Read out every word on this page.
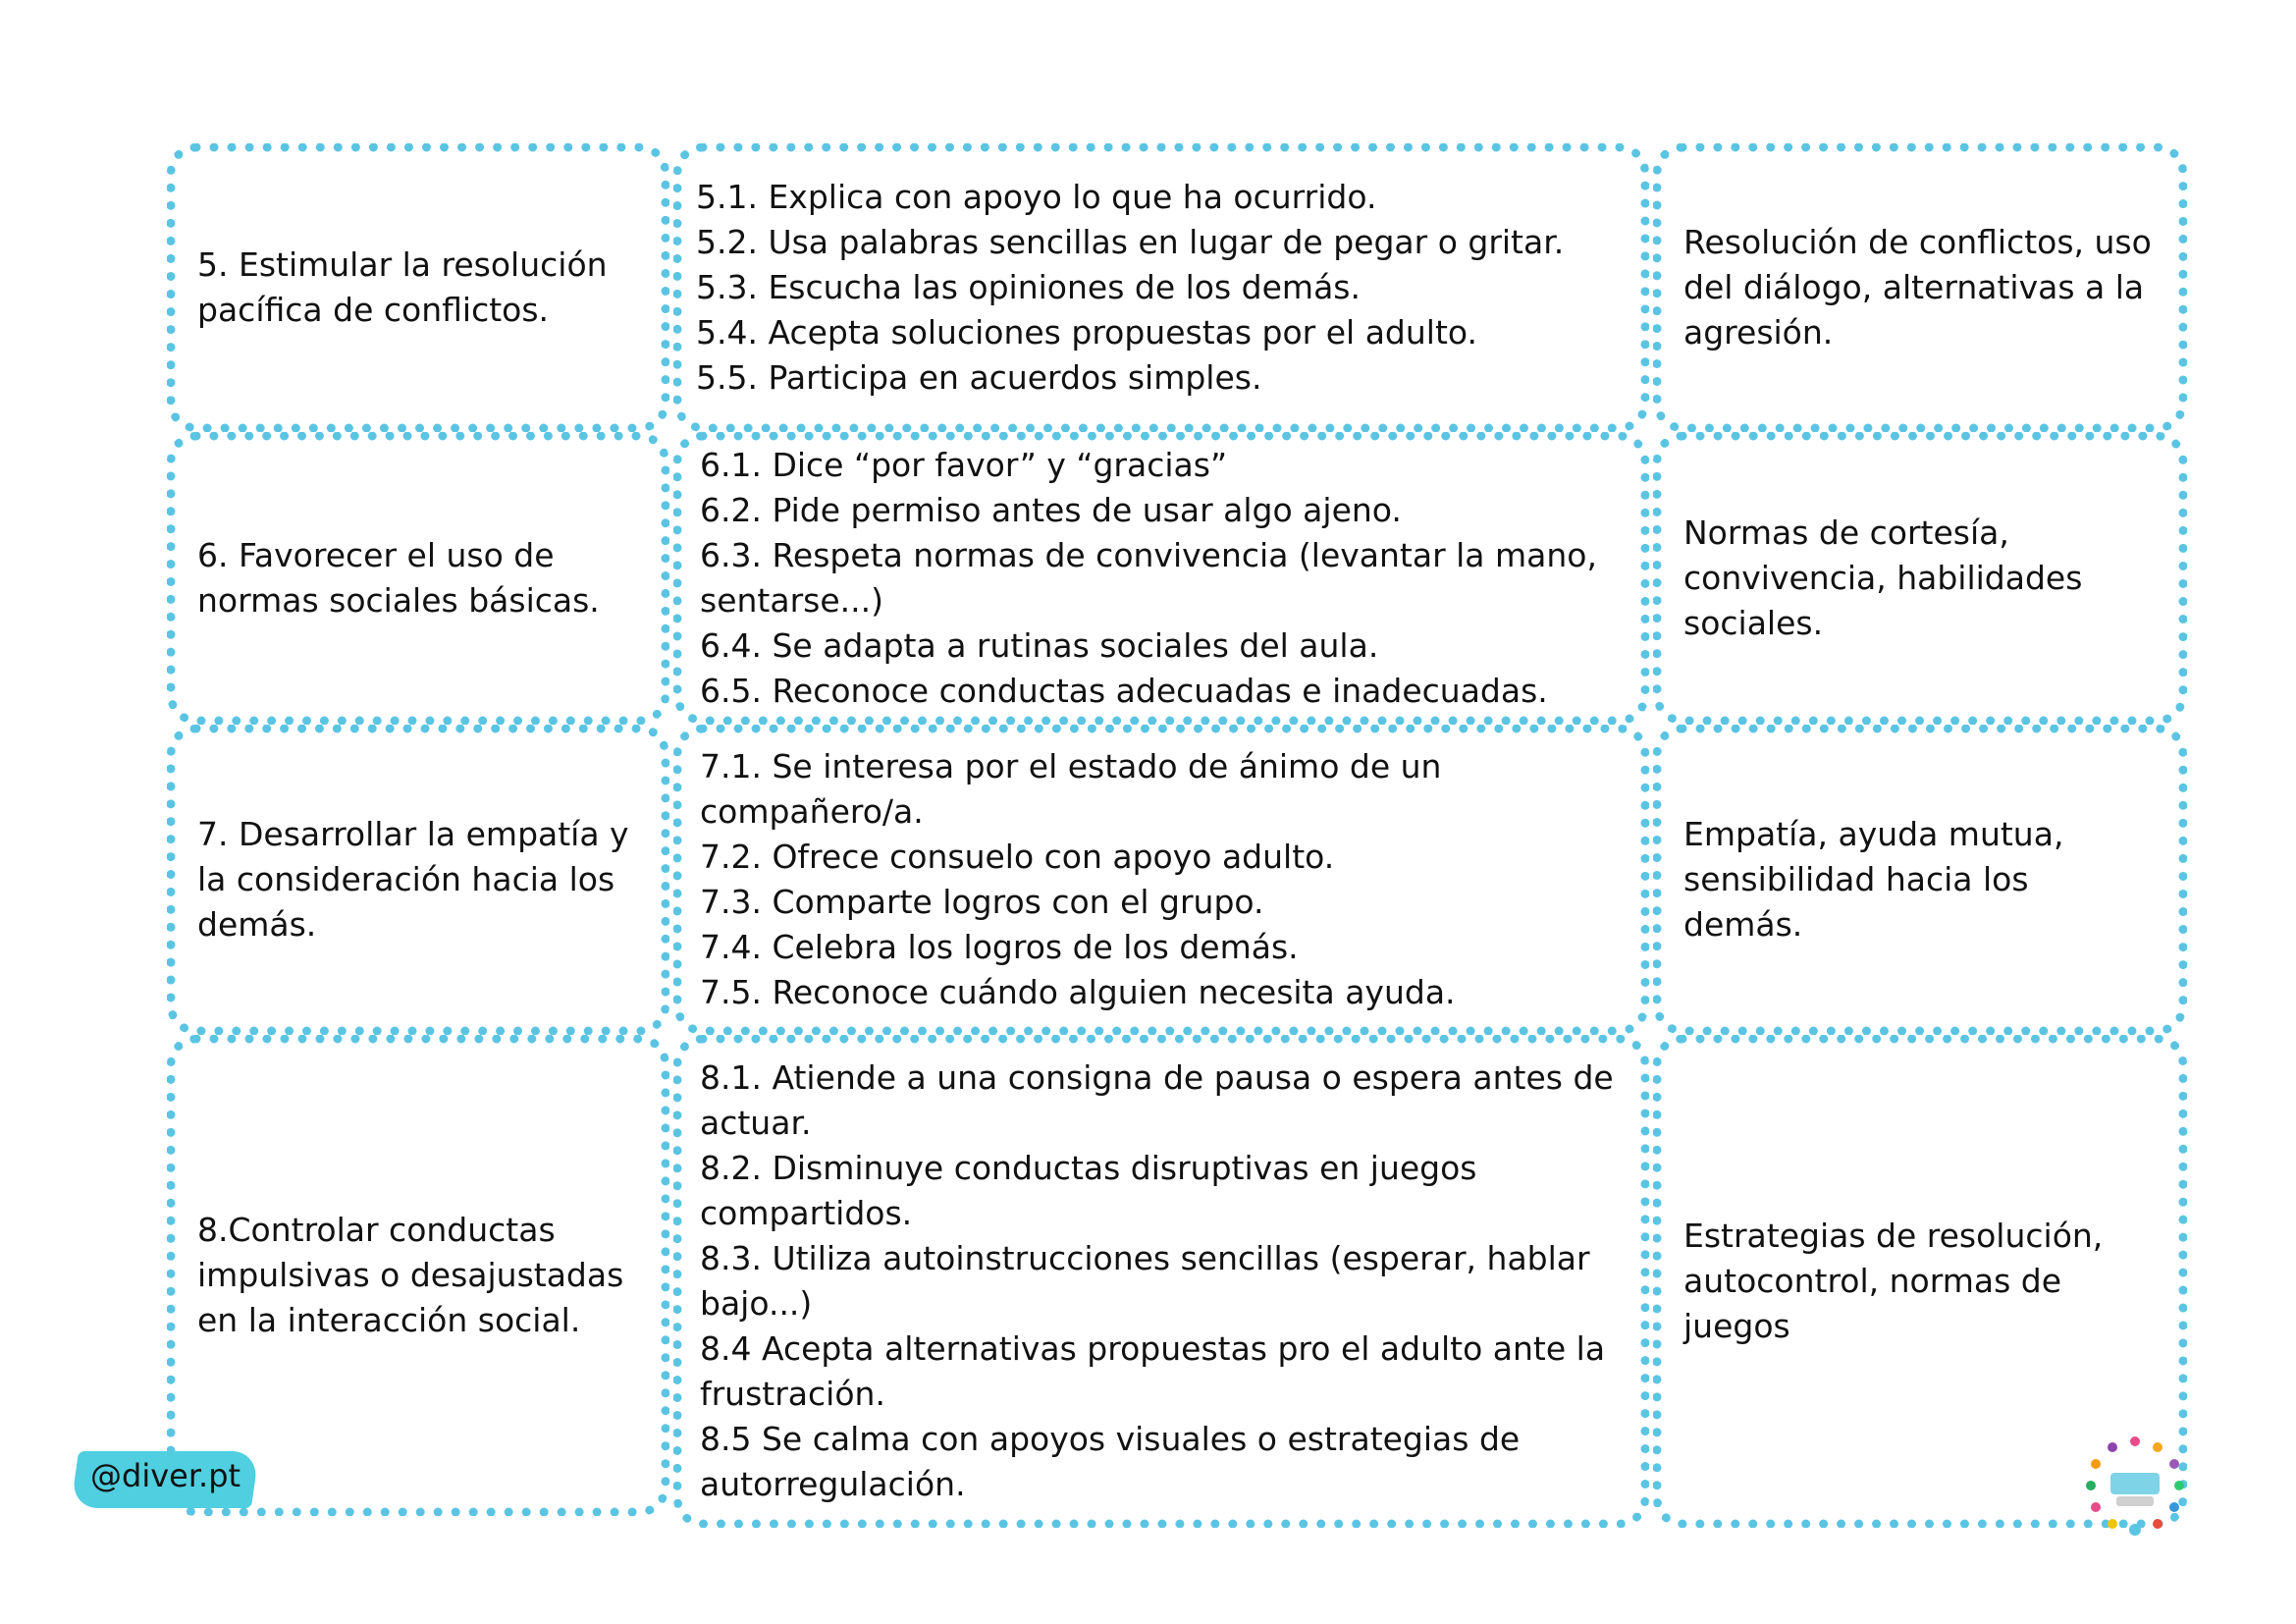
5. Estimular la resolución pacífica de conflictos.

5.1. Explica con apoyo lo que ha ocurrido.

5.2. Usa palabras sencillas en lugar de pegar o gritar.

5.3. Escucha las opiniones de los demás.

5.4. Acepta soluciones propuestas por el adulto.

5.5. Participa en acuerdos simples.

Resolución de conflictos, uso del diálogo, alternativas a la agresión.

6. Favorecer el uso de normas sociales básicas.

6.1. Dice “por favor” y “gracias”

6.2. Pide permiso antes de usar algo ajeno.

6.3. Respeta normas de convivencia (levantar la mano, sentarse...)

6.4. Se adapta a rutinas sociales del aula.

6.5. Reconoce conductas adecuadas e inadecuadas.

Normas de cortesía, convivencia, habilidades sociales.

7. Desarrollar la empatía y la consideración hacia los demás.

7.1. Se interesa por el estado de ánimo de un compañero/a.

7.2. Ofrece consuelo con apoyo adulto.

7.3. Comparte logros con el grupo.

7.4. Celebra los logros de los demás.

7.5. Reconoce cuándo alguien necesita ayuda.

Empatía, ayuda mutua, sensibilidad hacia los demás.

8.Controlar conductas impulsivas o desajustadas en la interacción social.

8.1. Atiende a una consigna de pausa o espera antes de actuar.

8.2. Disminuye conductas disruptivas en juegos compartidos.

8.3. Utiliza autoinstrucciones sencillas (esperar, hablar bajo...)

8.4 Acepta alternativas propuestas pro el adulto ante la frustración.

8.5 Se calma con apoyos visuales o estrategias de autorregulación.

Estrategias de resolución, autocontrol, normas de juegos

@diver.pt
